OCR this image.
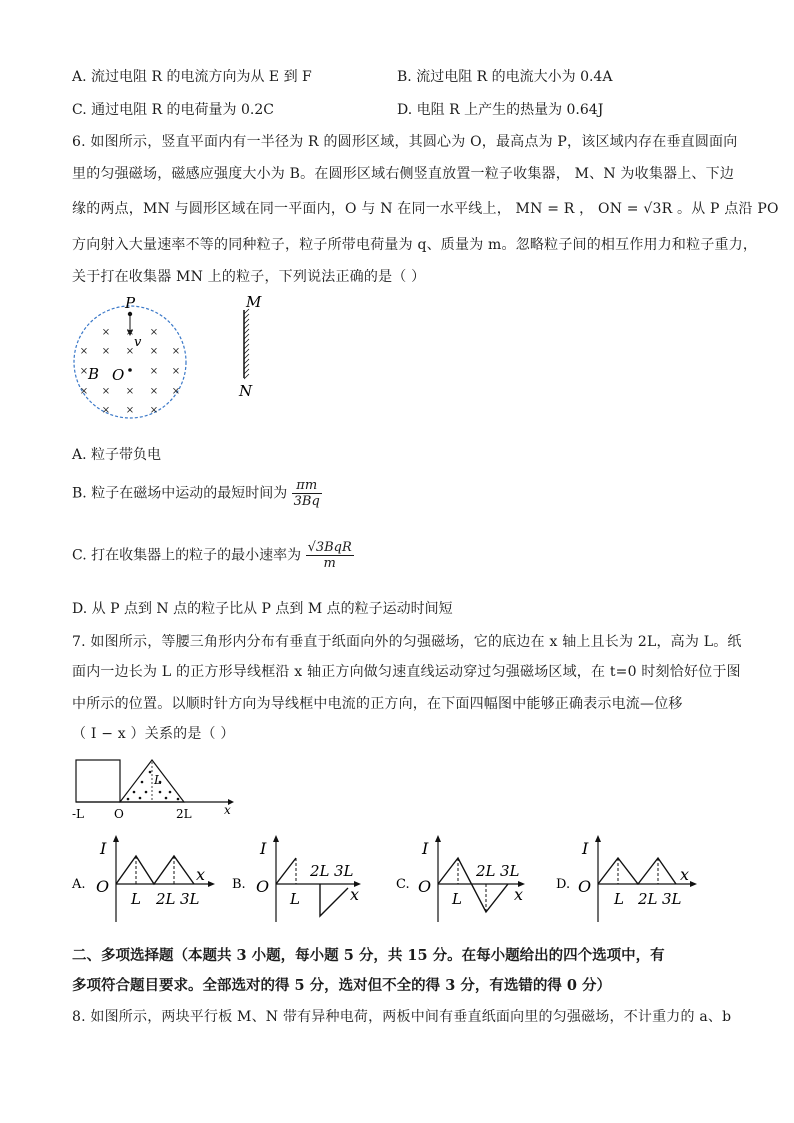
A. 流过电阻 R 的电流方向为从 E 到 F	B. 流过电阻 R 的电流大小为 0.4A
C. 通过电阻 R 的电荷量为 0.2C	D. 电阻 R 上产生的热量为 0.64J
6. 如图所示，竖直平面内有一半径为 R 的圆形区域，其圆心为 O，最高点为 P，该区域内存在垂直圆面向
里的匀强磁场，磁感应强度大小为 B。在圆形区域右侧竖直放置一粒子收集器， M、N 为收集器上、下边
缘的两点，MN 与圆形区域在同一平面内，O 与 N 在同一水平线上， MN = R ， ON = √3R 。从 P 点沿 PO
方向射入大量速率不等的同种粒子，粒子所带电荷量为 q、质量为 m。忽略粒子间的相互作用力和粒子重力，
关于打在收集器 MN 上的粒子，下列说法正确的是（ ）
× × ×
× × × × ×
×	× ×
× × × × ×
× × ×
P
v
B O
M
N
A. 粒子带负电
B. 粒子在磁场中运动的最短时间为 $\frac{\pi m}{3Bq}$
C. 打在收集器上的粒子的最小速率为 $\frac{\text{√3BqR}}{m}$
D. 从 P 点到 N 点的粒子比从 P 点到 M 点的粒子运动时间短
7. 如图所示，等腰三角形内分布有垂直于纸面向外的匀强磁场，它的底边在 x 轴上且长为 2L，高为 L。纸
面内一边长为 L 的正方形导线框沿 x 轴正方向做匀速直线运动穿过匀强磁场区域，在 t=0 时刻恰好位于图
中所示的位置。以顺时针方向为导线框中电流的正方向，在下面四幅图中能够正确表示电流—位移
（ I − x ）关系的是（ ）
L
-L O	2L	x
A.
I
O
x
L 2L 3L
B.
I
O	x
L
2L 3L
C.
I
O	x
L
2L 3L
D.
I
O
x
L 2L 3L
二、多项选择题（本题共 3 小题，每小题 5 分，共 15 分。在每小题给出的四个选项中，有
多项符合题目要求。全部选对的得 5 分，选对但不全的得 3 分，有选错的得 0 分）
8. 如图所示，两块平行板 M、N 带有异种电荷，两板中间有垂直纸面向里的匀强磁场，不计重力的 a、b
